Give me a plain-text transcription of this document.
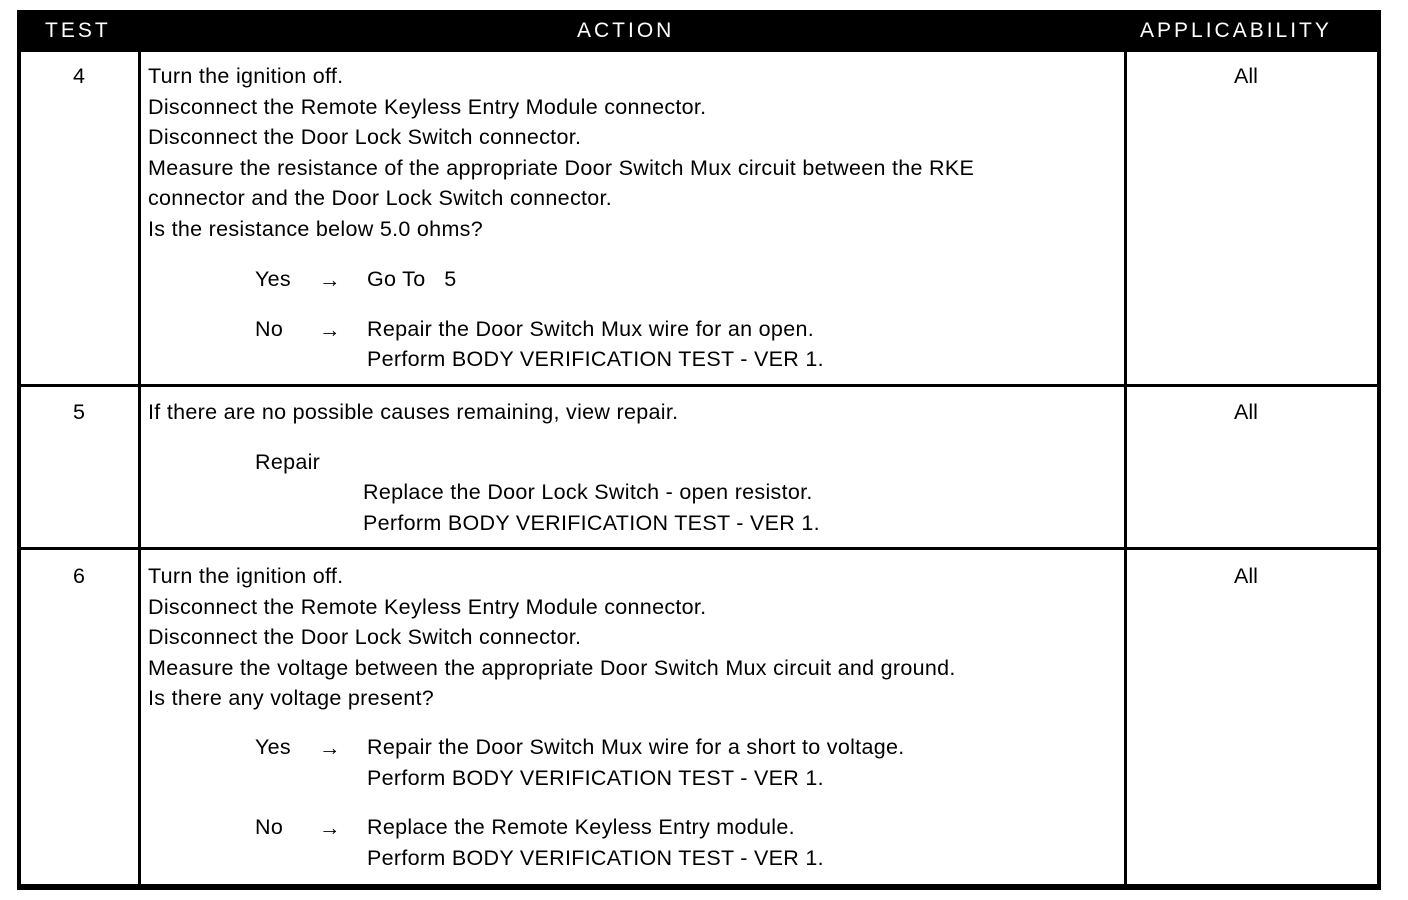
TEST	ACTION	APPLICABILITY
4	Turn the ignition off.
Disconnect the Remote Keyless Entry Module connector.
Disconnect the Door Lock Switch connector.
Measure the resistance of the appropriate Door Switch Mux circuit between the RKE
connector and the Door Lock Switch connector.
Is the resistance below 5.0 ohms?
Yes → Go To   5
No → Repair the Door Switch Mux wire for an open.
Perform BODY VERIFICATION TEST - VER 1.
All
5	If there are no possible causes remaining, view repair.
Repair
Replace the Door Lock Switch - open resistor.
Perform BODY VERIFICATION TEST - VER 1.
All
6	Turn the ignition off.
Disconnect the Remote Keyless Entry Module connector.
Disconnect the Door Lock Switch connector.
Measure the voltage between the appropriate Door Switch Mux circuit and ground.
Is there any voltage present?
Yes → Repair the Door Switch Mux wire for a short to voltage.
Perform BODY VERIFICATION TEST - VER 1.
No → Replace the Remote Keyless Entry module.
Perform BODY VERIFICATION TEST - VER 1.
All
